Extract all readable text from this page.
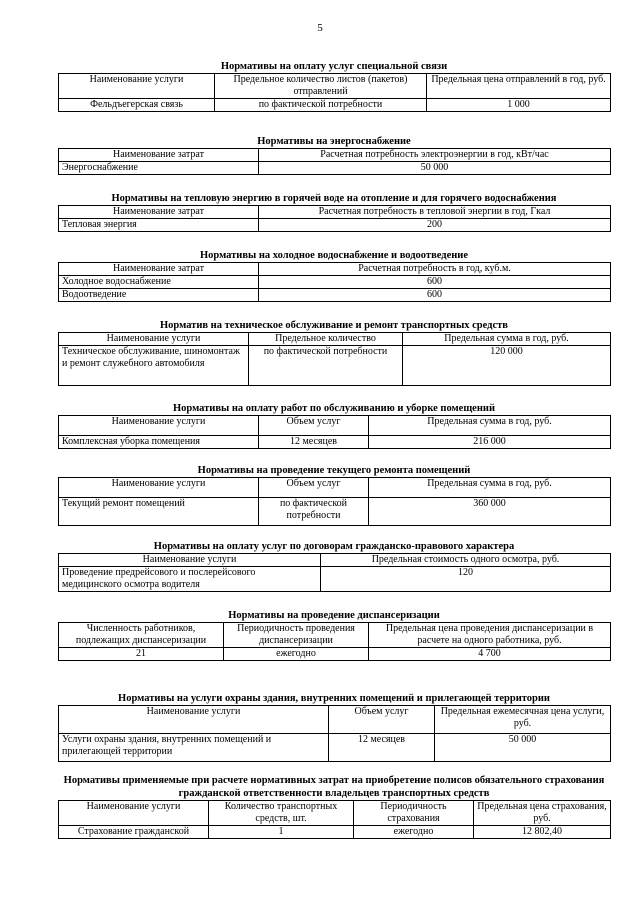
5
Нормативы на оплату услуг специальной связи
Наименование услуги	Предельное количество листов (пакетов) отправлений	Предельная цена отправлений в год, руб.
Фельдъегерская связь	по фактической потребности	1 000
Нормативы на энергоснабжение
Наименование затрат	Расчетная потребность электроэнергии в год, кВт/час
Энергоснабжение	50 000
Нормативы на тепловую энергию в горячей воде на отопление и для горячего водоснабжения
Наименование затрат	Расчетная потребность в тепловой энергии в год, Гкал
Тепловая энергия	200
Нормативы на холодное водоснабжение и водоотведение
Наименование затрат	Расчетная потребность в год, куб.м.
Холодное водоснабжение	600
Водоотведение	600
Норматив на техническое обслуживание и ремонт транспортных средств
Наименование услуги	Предельное количество	Предельная сумма в год, руб.
Техническое обслуживание, шиномонтаж и ремонт служебного автомобиля	по фактической потребности	120 000
Нормативы на оплату работ по обслуживанию и уборке помещений
Наименование услуги	Объем услуг	Предельная сумма в год, руб.
Комплексная уборка помещения	12 месяцев	216 000
Нормативы на проведение текущего ремонта помещений
Наименование услуги	Объем услуг	Предельная сумма в год, руб.
Текущий ремонт помещений	по фактической потребности	360 000
Нормативы на оплату услуг по договорам гражданско-правового характера
Наименование услуги	Предельная стоимость одного осмотра, руб.
Проведение предрейсового и послерейсового медицинского осмотра водителя	120
Нормативы на проведение диспансеризации
Численность работников, подлежащих диспансеризации	Периодичность проведения диспансеризации	Предельная цена проведения диспансеризации в расчете на одного работника, руб.
21	ежегодно	4 700
Нормативы на услуги охраны здания, внутренних помещений и прилегающей территории
Наименование услуги	Объем услуг	Предельная ежемесячная цена услуги, руб.
Услуги охраны здания, внутренних помещений и прилегающей территории	12 месяцев	50 000
Нормативы применяемые при расчете нормативных затрат на приобретение полисов обязательного страхования гражданской ответственности владельцев транспортных средств
Наименование услуги	Количество транспортных средств, шт.	Периодичность страхования	Предельная цена страхования, руб.
Страхование гражданской	1	ежегодно	12 802,40
